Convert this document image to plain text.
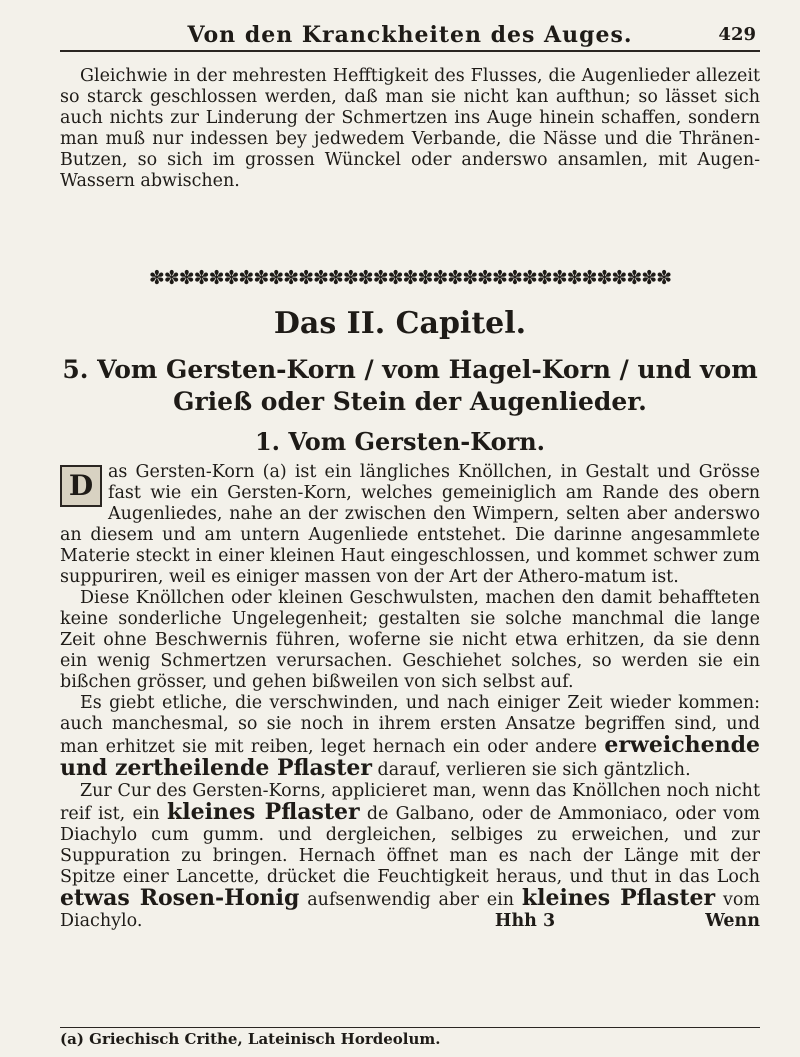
Von den Kranckheiten des Auges.	429

Gleichwie in der mehresten Hefftigkeit des Flusses, die Augenlieder allezeit so starck geschlossen werden, daß man sie nicht kan aufthun; so lässet sich auch nichts zur Linderung der Schmertzen ins Auge hinein schaffen, sondern man muß nur indessen bey jedwedem Verbande, die Nässe und die Thränen-Butzen, so sich im grossen Wünckel oder anderswo ansamlen, mit Augen-Wassern abwischen.

✽✽✽✽✽✽✽✽✽✽✽✽✽✽✽✽✽✽✽✽✽✽✽✽✽✽✽✽✽✽✽✽✽✽✽
Das II. Capitel.
5. Vom Gersten-Korn / vom Hagel-Korn / und vom Grieß oder Stein der Augenlieder.
1. Vom Gersten-Korn.

D as Gersten-Korn (a) ist ein längliches Knöllchen, in Gestalt und Grösse fast wie ein Gersten-Korn, welches gemeiniglich am Rande des obern Augenliedes, nahe an der zwischen den Wimpern, selten aber anderswo an diesem und am untern Augenliede entstehet. Die darinne angesammlete Materie steckt in einer kleinen Haut eingeschlossen, und kommet schwer zum suppuriren, weil es einiger massen von der Art der Athero-matum ist.

Diese Knöllchen oder kleinen Geschwulsten, machen den damit behaffteten keine sonderliche Ungelegenheit; gestalten sie solche manchmal die lange Zeit ohne Beschwernis führen, woferne sie nicht etwa erhitzen, da sie denn ein wenig Schmertzen verursachen. Geschiehet solches, so werden sie ein bißchen grösser, und gehen bißweilen von sich selbst auf.

Es giebt etliche, die verschwinden, und nach einiger Zeit wieder kommen: auch manchesmal, so sie noch in ihrem ersten Ansatze begriffen sind, und man erhitzet sie mit reiben, leget hernach ein oder andere erweichende und zertheilende Pflaster darauf, verlieren sie sich gäntzlich.

Zur Cur des Gersten-Korns, applicieret man, wenn das Knöllchen noch nicht reif ist, ein kleines Pflaster de Galbano, oder de Ammoniaco, oder vom Diachylo cum gumm. und dergleichen, selbiges zu erweichen, und zur Suppuration zu bringen. Hernach öffnet man es nach der Länge mit der Spitze einer Lancette, drücket die Feuchtigkeit heraus, und thut in das Loch etwas Rosen-Honig aufsenwendig aber ein kleines Pflaster vom Diachylo.	Wenn
Hhh 3

(a) Griechisch Crithe, Lateinisch Hordeolum.
